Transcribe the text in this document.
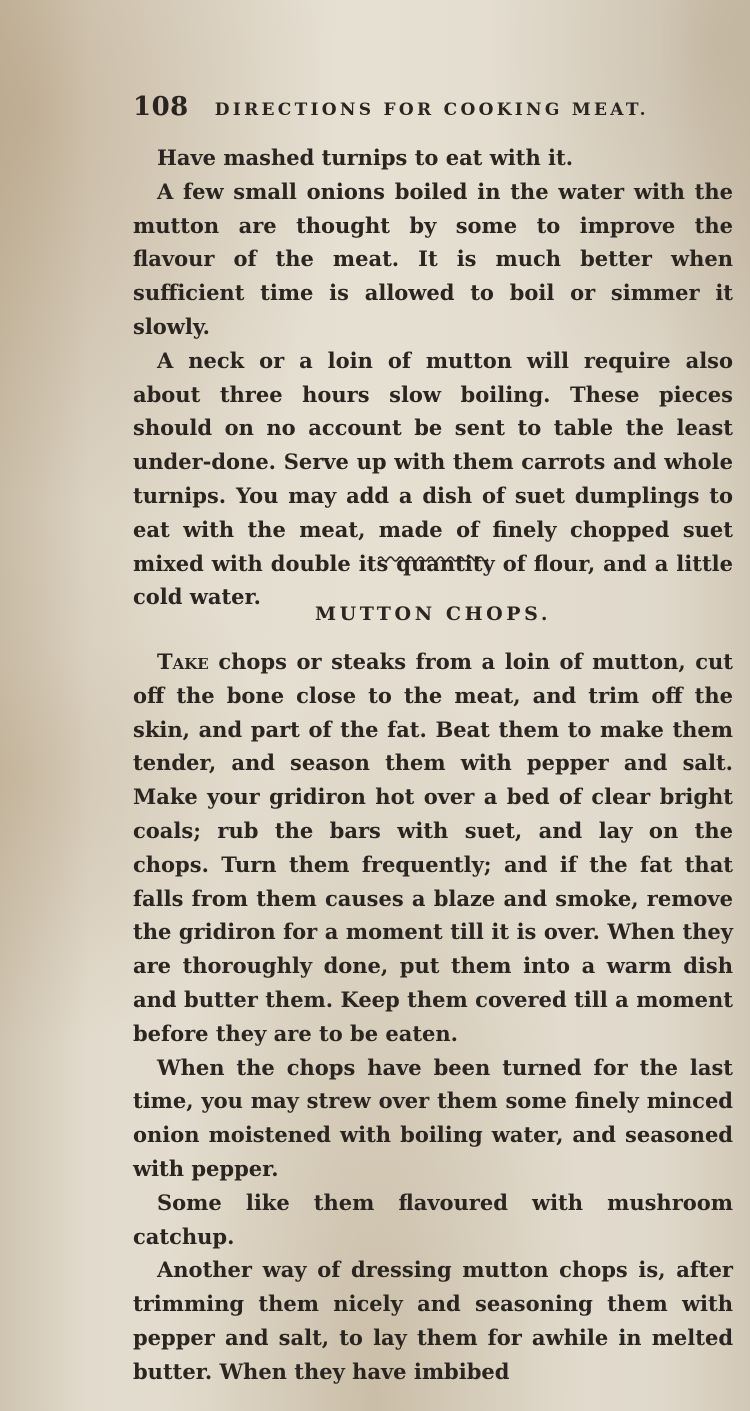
108 DIRECTIONS FOR COOKING MEAT.

Have mashed turnips to eat with it.

A few small onions boiled in the water with the mutton are thought by some to improve the flavour of the meat. It is much better when sufficient time is allowed to boil or simmer it slowly.

A neck or a loin of mutton will require also about three hours slow boiling. These pieces should on no account be sent to table the least under-done. Serve up with them carrots and whole turnips. You may add a dish of suet dumplings to eat with the meat, made of finely chopped suet mixed with double its quantity of flour, and a little cold water.

MUTTON CHOPS.

Take chops or steaks from a loin of mutton, cut off the bone close to the meat, and trim off the skin, and part of the fat. Beat them to make them tender, and season them with pepper and salt. Make your gridiron hot over a bed of clear bright coals; rub the bars with suet, and lay on the chops. Turn them frequently; and if the fat that falls from them causes a blaze and smoke, remove the gridiron for a moment till it is over. When they are thoroughly done, put them into a warm dish and butter them. Keep them covered till a moment before they are to be eaten.

When the chops have been turned for the last time, you may strew over them some finely minced onion moistened with boiling water, and seasoned with pepper.

Some like them flavoured with mushroom catchup.

Another way of dressing mutton chops is, after trimming them nicely and seasoning them with pepper and salt, to lay them for awhile in melted butter. When they have imbibed
